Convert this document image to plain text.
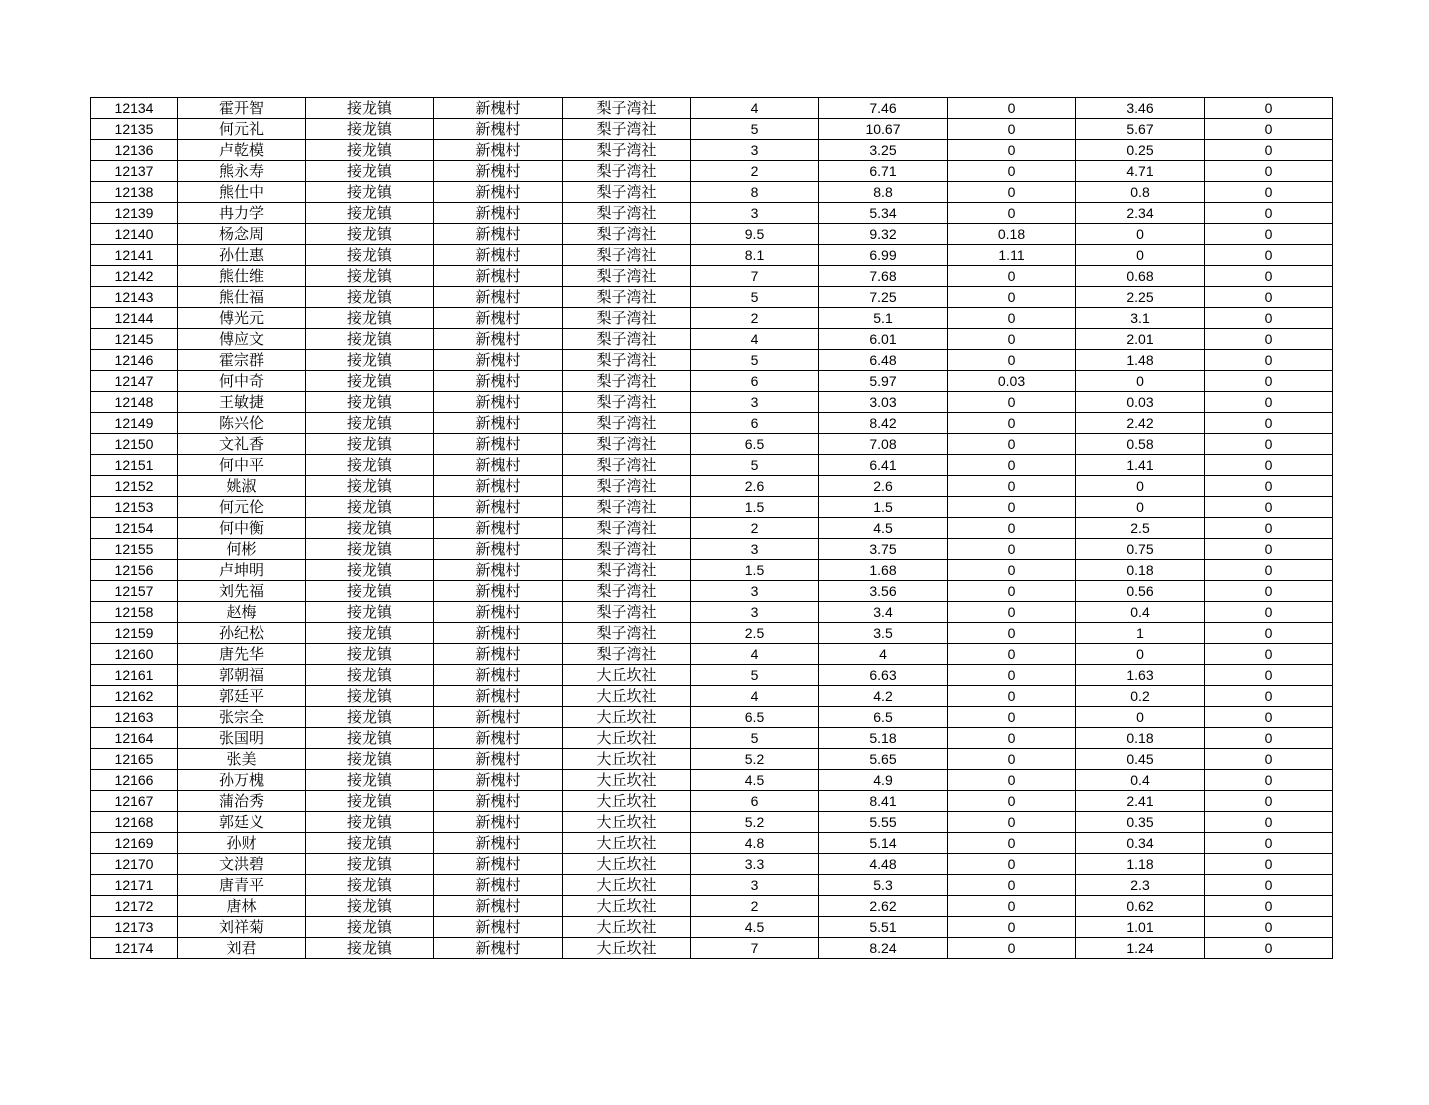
12134	霍开智	接龙镇	新槐村	梨子湾社	4	7.46	0	3.46	0
12135	何元礼	接龙镇	新槐村	梨子湾社	5	10.67	0	5.67	0
12136	卢乾模	接龙镇	新槐村	梨子湾社	3	3.25	0	0.25	0
12137	熊永寿	接龙镇	新槐村	梨子湾社	2	6.71	0	4.71	0
12138	熊仕中	接龙镇	新槐村	梨子湾社	8	8.8	0	0.8	0
12139	冉力学	接龙镇	新槐村	梨子湾社	3	5.34	0	2.34	0
12140	杨念周	接龙镇	新槐村	梨子湾社	9.5	9.32	0.18	0	0
12141	孙仕惠	接龙镇	新槐村	梨子湾社	8.1	6.99	1.11	0	0
12142	熊仕维	接龙镇	新槐村	梨子湾社	7	7.68	0	0.68	0
12143	熊仕福	接龙镇	新槐村	梨子湾社	5	7.25	0	2.25	0
12144	傅光元	接龙镇	新槐村	梨子湾社	2	5.1	0	3.1	0
12145	傅应文	接龙镇	新槐村	梨子湾社	4	6.01	0	2.01	0
12146	霍宗群	接龙镇	新槐村	梨子湾社	5	6.48	0	1.48	0
12147	何中奇	接龙镇	新槐村	梨子湾社	6	5.97	0.03	0	0
12148	王敏捷	接龙镇	新槐村	梨子湾社	3	3.03	0	0.03	0
12149	陈兴伦	接龙镇	新槐村	梨子湾社	6	8.42	0	2.42	0
12150	文礼香	接龙镇	新槐村	梨子湾社	6.5	7.08	0	0.58	0
12151	何中平	接龙镇	新槐村	梨子湾社	5	6.41	0	1.41	0
12152	姚淑	接龙镇	新槐村	梨子湾社	2.6	2.6	0	0	0
12153	何元伦	接龙镇	新槐村	梨子湾社	1.5	1.5	0	0	0
12154	何中衡	接龙镇	新槐村	梨子湾社	2	4.5	0	2.5	0
12155	何彬	接龙镇	新槐村	梨子湾社	3	3.75	0	0.75	0
12156	卢坤明	接龙镇	新槐村	梨子湾社	1.5	1.68	0	0.18	0
12157	刘先福	接龙镇	新槐村	梨子湾社	3	3.56	0	0.56	0
12158	赵梅	接龙镇	新槐村	梨子湾社	3	3.4	0	0.4	0
12159	孙纪松	接龙镇	新槐村	梨子湾社	2.5	3.5	0	1	0
12160	唐先华	接龙镇	新槐村	梨子湾社	4	4	0	0	0
12161	郭朝福	接龙镇	新槐村	大丘坎社	5	6.63	0	1.63	0
12162	郭廷平	接龙镇	新槐村	大丘坎社	4	4.2	0	0.2	0
12163	张宗全	接龙镇	新槐村	大丘坎社	6.5	6.5	0	0	0
12164	张国明	接龙镇	新槐村	大丘坎社	5	5.18	0	0.18	0
12165	张美	接龙镇	新槐村	大丘坎社	5.2	5.65	0	0.45	0
12166	孙万槐	接龙镇	新槐村	大丘坎社	4.5	4.9	0	0.4	0
12167	蒲治秀	接龙镇	新槐村	大丘坎社	6	8.41	0	2.41	0
12168	郭廷义	接龙镇	新槐村	大丘坎社	5.2	5.55	0	0.35	0
12169	孙财	接龙镇	新槐村	大丘坎社	4.8	5.14	0	0.34	0
12170	文洪碧	接龙镇	新槐村	大丘坎社	3.3	4.48	0	1.18	0
12171	唐青平	接龙镇	新槐村	大丘坎社	3	5.3	0	2.3	0
12172	唐林	接龙镇	新槐村	大丘坎社	2	2.62	0	0.62	0
12173	刘祥菊	接龙镇	新槐村	大丘坎社	4.5	5.51	0	1.01	0
12174	刘君	接龙镇	新槐村	大丘坎社	7	8.24	0	1.24	0
